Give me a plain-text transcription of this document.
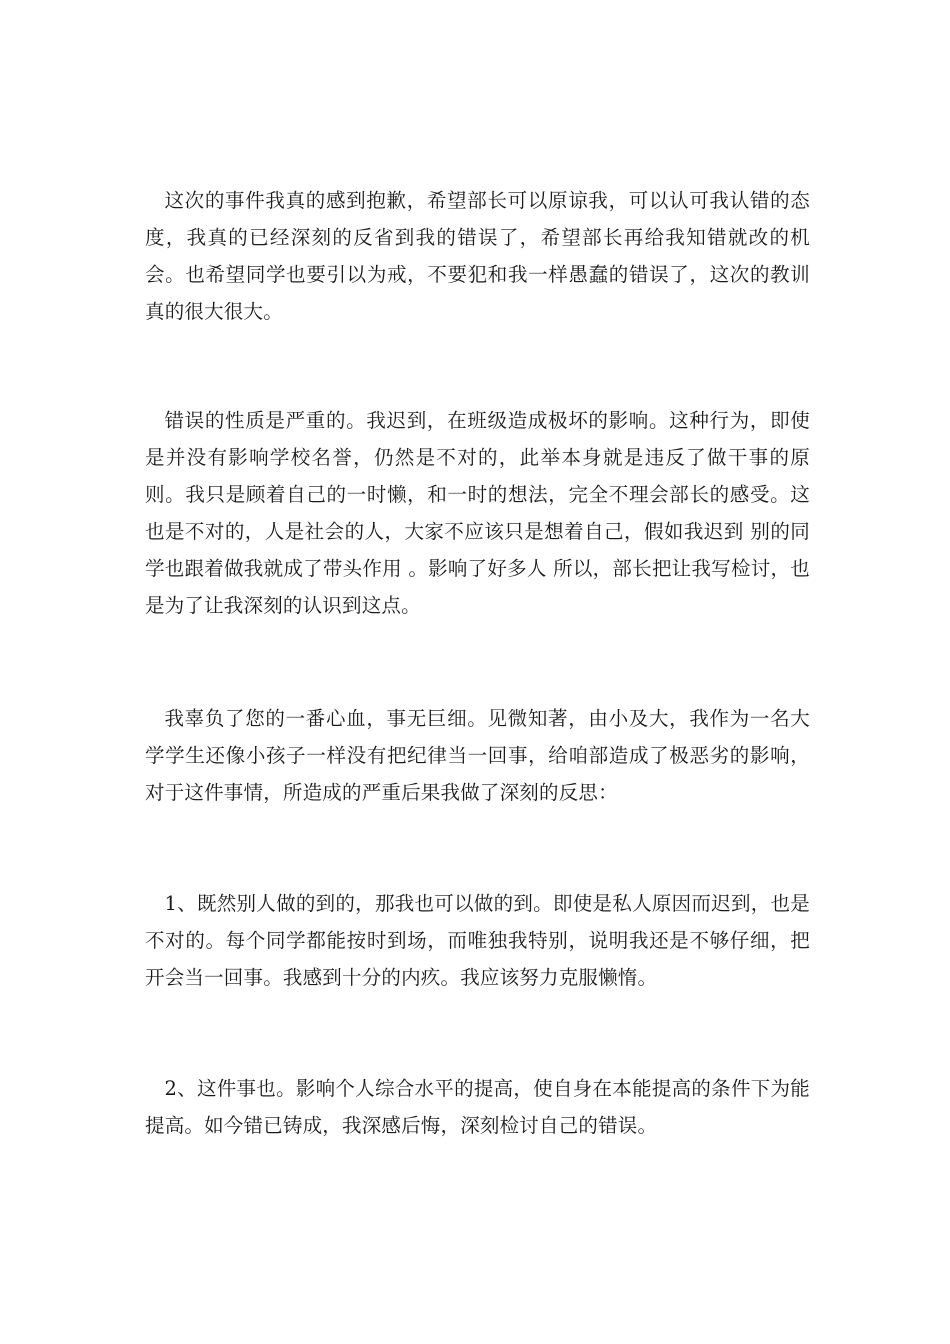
这次的事件我真的感到抱歉，希望部长可以原谅我，可以认可我认错的态度，我真的已经深刻的反省到我的错误了，希望部长再给我知错就改的机会。也希望同学也要引以为戒，不要犯和我一样愚蠢的错误了，这次的教训真的很大很大。

错误的性质是严重的。我迟到，在班级造成极坏的影响。这种行为，即使是并没有影响学校名誉，仍然是不对的，此举本身就是违反了做干事的原则。我只是顾着自己的一时懒，和一时的想法，完全不理会部长的感受。这也是不对的，人是社会的人，大家不应该只是想着自己，假如我迟到 别的同学也跟着做我就成了带头作用 。影响了好多人 所以，部长把让我写检讨，也是为了让我深刻的认识到这点。

我辜负了您的一番心血，事无巨细。见微知著，由小及大，我作为一名大学学生还像小孩子一样没有把纪律当一回事，给咱部造成了极恶劣的影响，对于这件事情，所造成的严重后果我做了深刻的反思：

1、既然别人做的到的，那我也可以做的到。即使是私人原因而迟到，也是不对的。每个同学都能按时到场，而唯独我特别，说明我还是不够仔细，把开会当一回事。我感到十分的内疚。我应该努力克服懒惰。

2、这件事也。影响个人综合水平的提高，使自身在本能提高的条件下为能提高。如今错已铸成，我深感后悔，深刻检讨自己的错误。
